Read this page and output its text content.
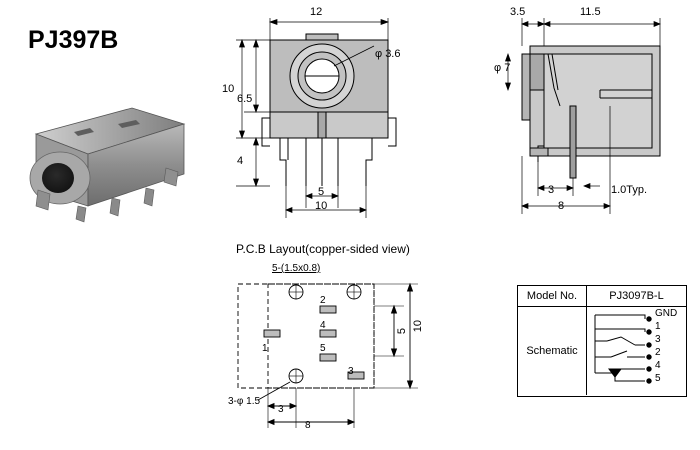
PJ397B
12
φ 3.6
10
6.5
4
5
10
3.5	11.5
φ 7
3
8
1.0Typ.
P.C.B Layout(copper-sided view)
5-(1.5x0.8)
2
4
5
1
3
3-φ 1.5
3
8
5 10
Model No.	PJ3097B-L
Schematic
GND
1
3
2
4
5
